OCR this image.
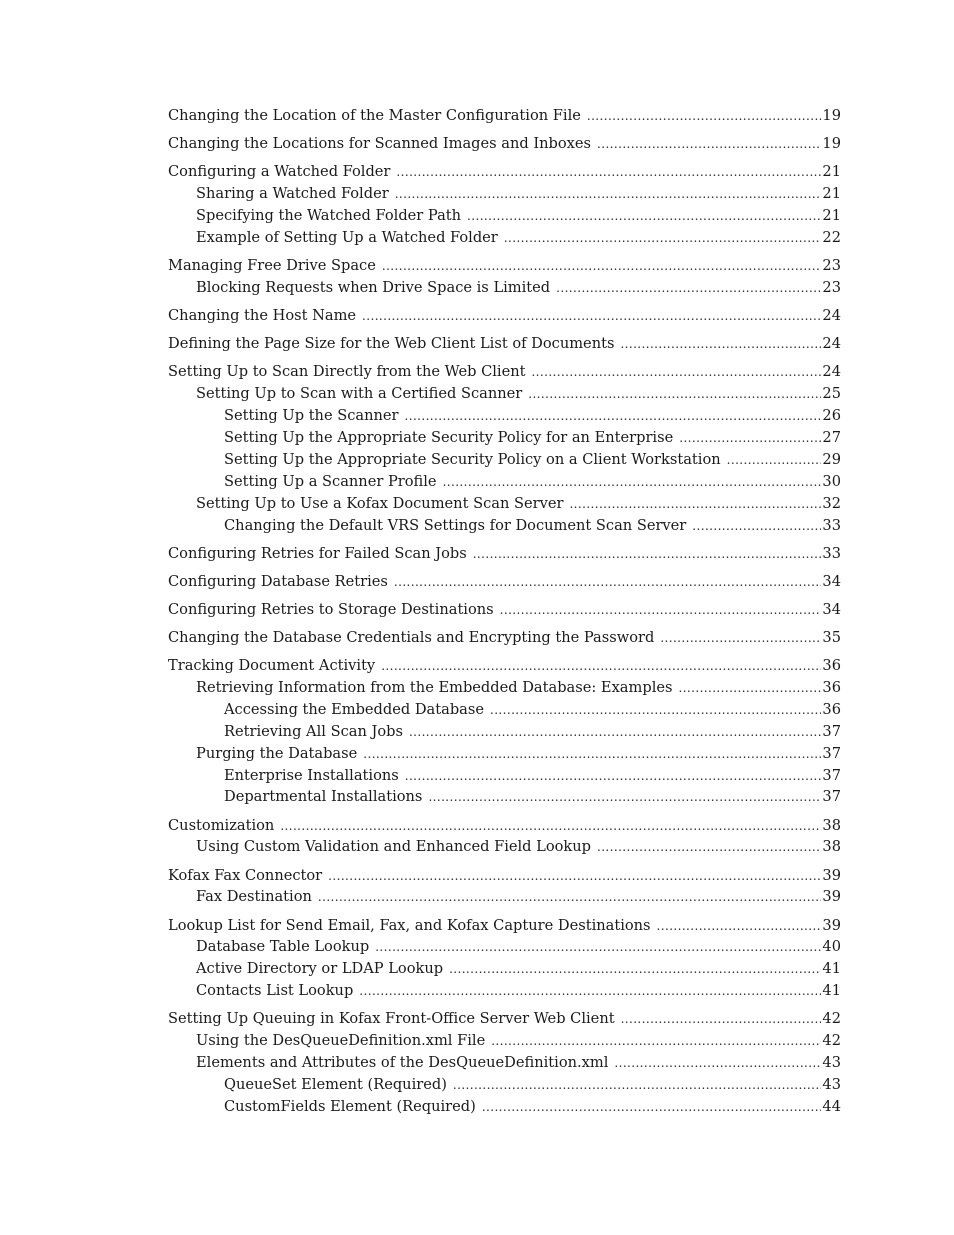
Changing the Location of the Master Configuration File .....	19
Changing the Locations for Scanned Images and Inboxes .....	19
Configuring a Watched Folder .....	21
Sharing a Watched Folder .....	21
Specifying the Watched Folder Path .....	21
Example of Setting Up a Watched Folder .....	22
Managing Free Drive Space .....	23
Blocking Requests when Drive Space is Limited .....	23
Changing the Host Name .....	24
Defining the Page Size for the Web Client List of Documents .....	24
Setting Up to Scan Directly from the Web Client .....	24
Setting Up to Scan with a Certified Scanner .....	25
Setting Up the Scanner .....	26
Setting Up the Appropriate Security Policy for an Enterprise .....	27
Setting Up the Appropriate Security Policy on a Client Workstation .....	29
Setting Up a Scanner Profile .....	30
Setting Up to Use a Kofax Document Scan Server .....	32
Changing the Default VRS Settings for Document Scan Server .....	33
Configuring Retries for Failed Scan Jobs .....	33
Configuring Database Retries .....	34
Configuring Retries to Storage Destinations .....	34
Changing the Database Credentials and Encrypting the Password .....	35
Tracking Document Activity .....	36
Retrieving Information from the Embedded Database: Examples .....	36
Accessing the Embedded Database .....	36
Retrieving All Scan Jobs .....	37
Purging the Database .....	37
Enterprise Installations .....	37
Departmental Installations .....	37
Customization .....	38
Using Custom Validation and Enhanced Field Lookup .....	38
Kofax Fax Connector .....	39
Fax Destination .....	39
Lookup List for Send Email, Fax, and Kofax Capture Destinations .....	39
Database Table Lookup .....	40
Active Directory or LDAP Lookup .....	41
Contacts List Lookup .....	41
Setting Up Queuing in Kofax Front-Office Server Web Client .....	42
Using the DesQueueDefinition.xml File .....	42
Elements and Attributes of the DesQueueDefinition.xml .....	43
QueueSet Element (Required) .....	43
CustomFields Element (Required) .....	44
